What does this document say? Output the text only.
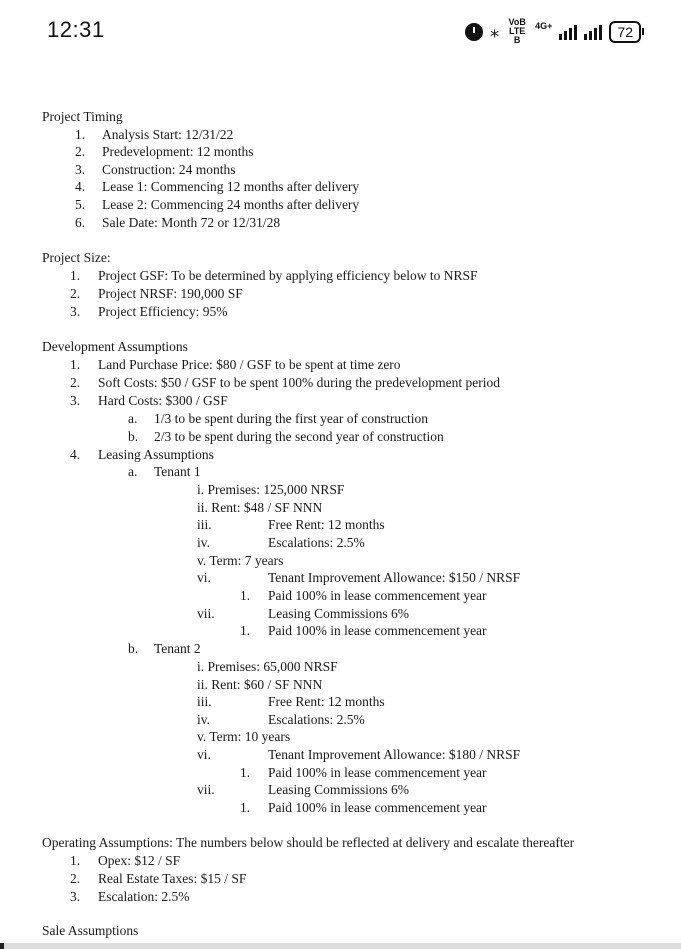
12:31	⁎ VoB
LTE B
4G+	72
Project Timing
1. Analysis Start: 12/31/22
2. Predevelopment: 12 months
3. Construction: 24 months
4. Lease 1: Commencing 12 months after delivery
5. Lease 2: Commencing 24 months after delivery
6. Sale Date: Month 72 or 12/31/28
Project Size:
1. Project GSF: To be determined by applying efficiency below to NRSF
2. Project NRSF: 190,000 SF
3. Project Efficiency: 95%
Development Assumptions
1. Land Purchase Price: $80 / GSF to be spent at time zero
2. Soft Costs: $50 / GSF to be spent 100% during the predevelopment period
3. Hard Costs: $300 / GSF
a. 1/3 to be spent during the first year of construction
b. 2/3 to be spent during the second year of construction
4. Leasing Assumptions
a. Tenant 1
i. Premises: 125,000 NRSF
ii. Rent: $48 / SF NNN
iii.	Free Rent: 12 months
iv.	Escalations: 2.5%
v. Term: 7 years
vi.	Tenant Improvement Allowance: $150 / NRSF
1. Paid 100% in lease commencement year
vii.	Leasing Commissions 6%
1. Paid 100% in lease commencement year
b. Tenant 2
i. Premises: 65,000 NRSF
ii. Rent: $60 / SF NNN
iii.	Free Rent: 12 months
iv.	Escalations: 2.5%
v. Term: 10 years
vi.	Tenant Improvement Allowance: $180 / NRSF
1. Paid 100% in lease commencement year
vii.	Leasing Commissions 6%
1. Paid 100% in lease commencement year
Operating Assumptions: The numbers below should be reflected at delivery and escalate thereafter
1. Opex: $12 / SF
2. Real Estate Taxes: $15 / SF
3. Escalation: 2.5%
Sale Assumptions
